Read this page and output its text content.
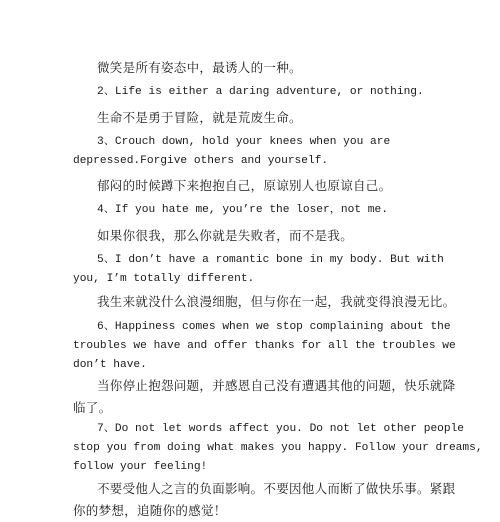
微笑是所有姿态中，最诱人的一种。

2、Life is either a daring adventure, or nothing.

生命不是勇于冒险，就是荒废生命。

3、Crouch down, hold your knees when you are
depressed.Forgive others and yourself.

郁闷的时候蹲下来抱抱自己，原谅别人也原谅自己。

4、If you hate me, you’re the loser，not me.

如果你很我，那么你就是失败者，而不是我。

5、I don’t have a romantic bone in my body. But with
you, I’m totally different.

我生来就没什么浪漫细胞，但与你在一起，我就变得浪漫无比。

6、Happiness comes when we stop complaining about the
troubles we have and offer thanks for all the troubles we
don’t have.

当你停止抱怨问题，并感恩自己没有遭遇其他的问题，快乐就降
临了。

7、Do not let words affect you. Do not let other people
stop you from doing what makes you happy. Follow your dreams,
follow your feeling!

不要受他人之言的负面影响。不要因他人而断了做快乐事。紧跟
你的梦想，追随你的感觉！
